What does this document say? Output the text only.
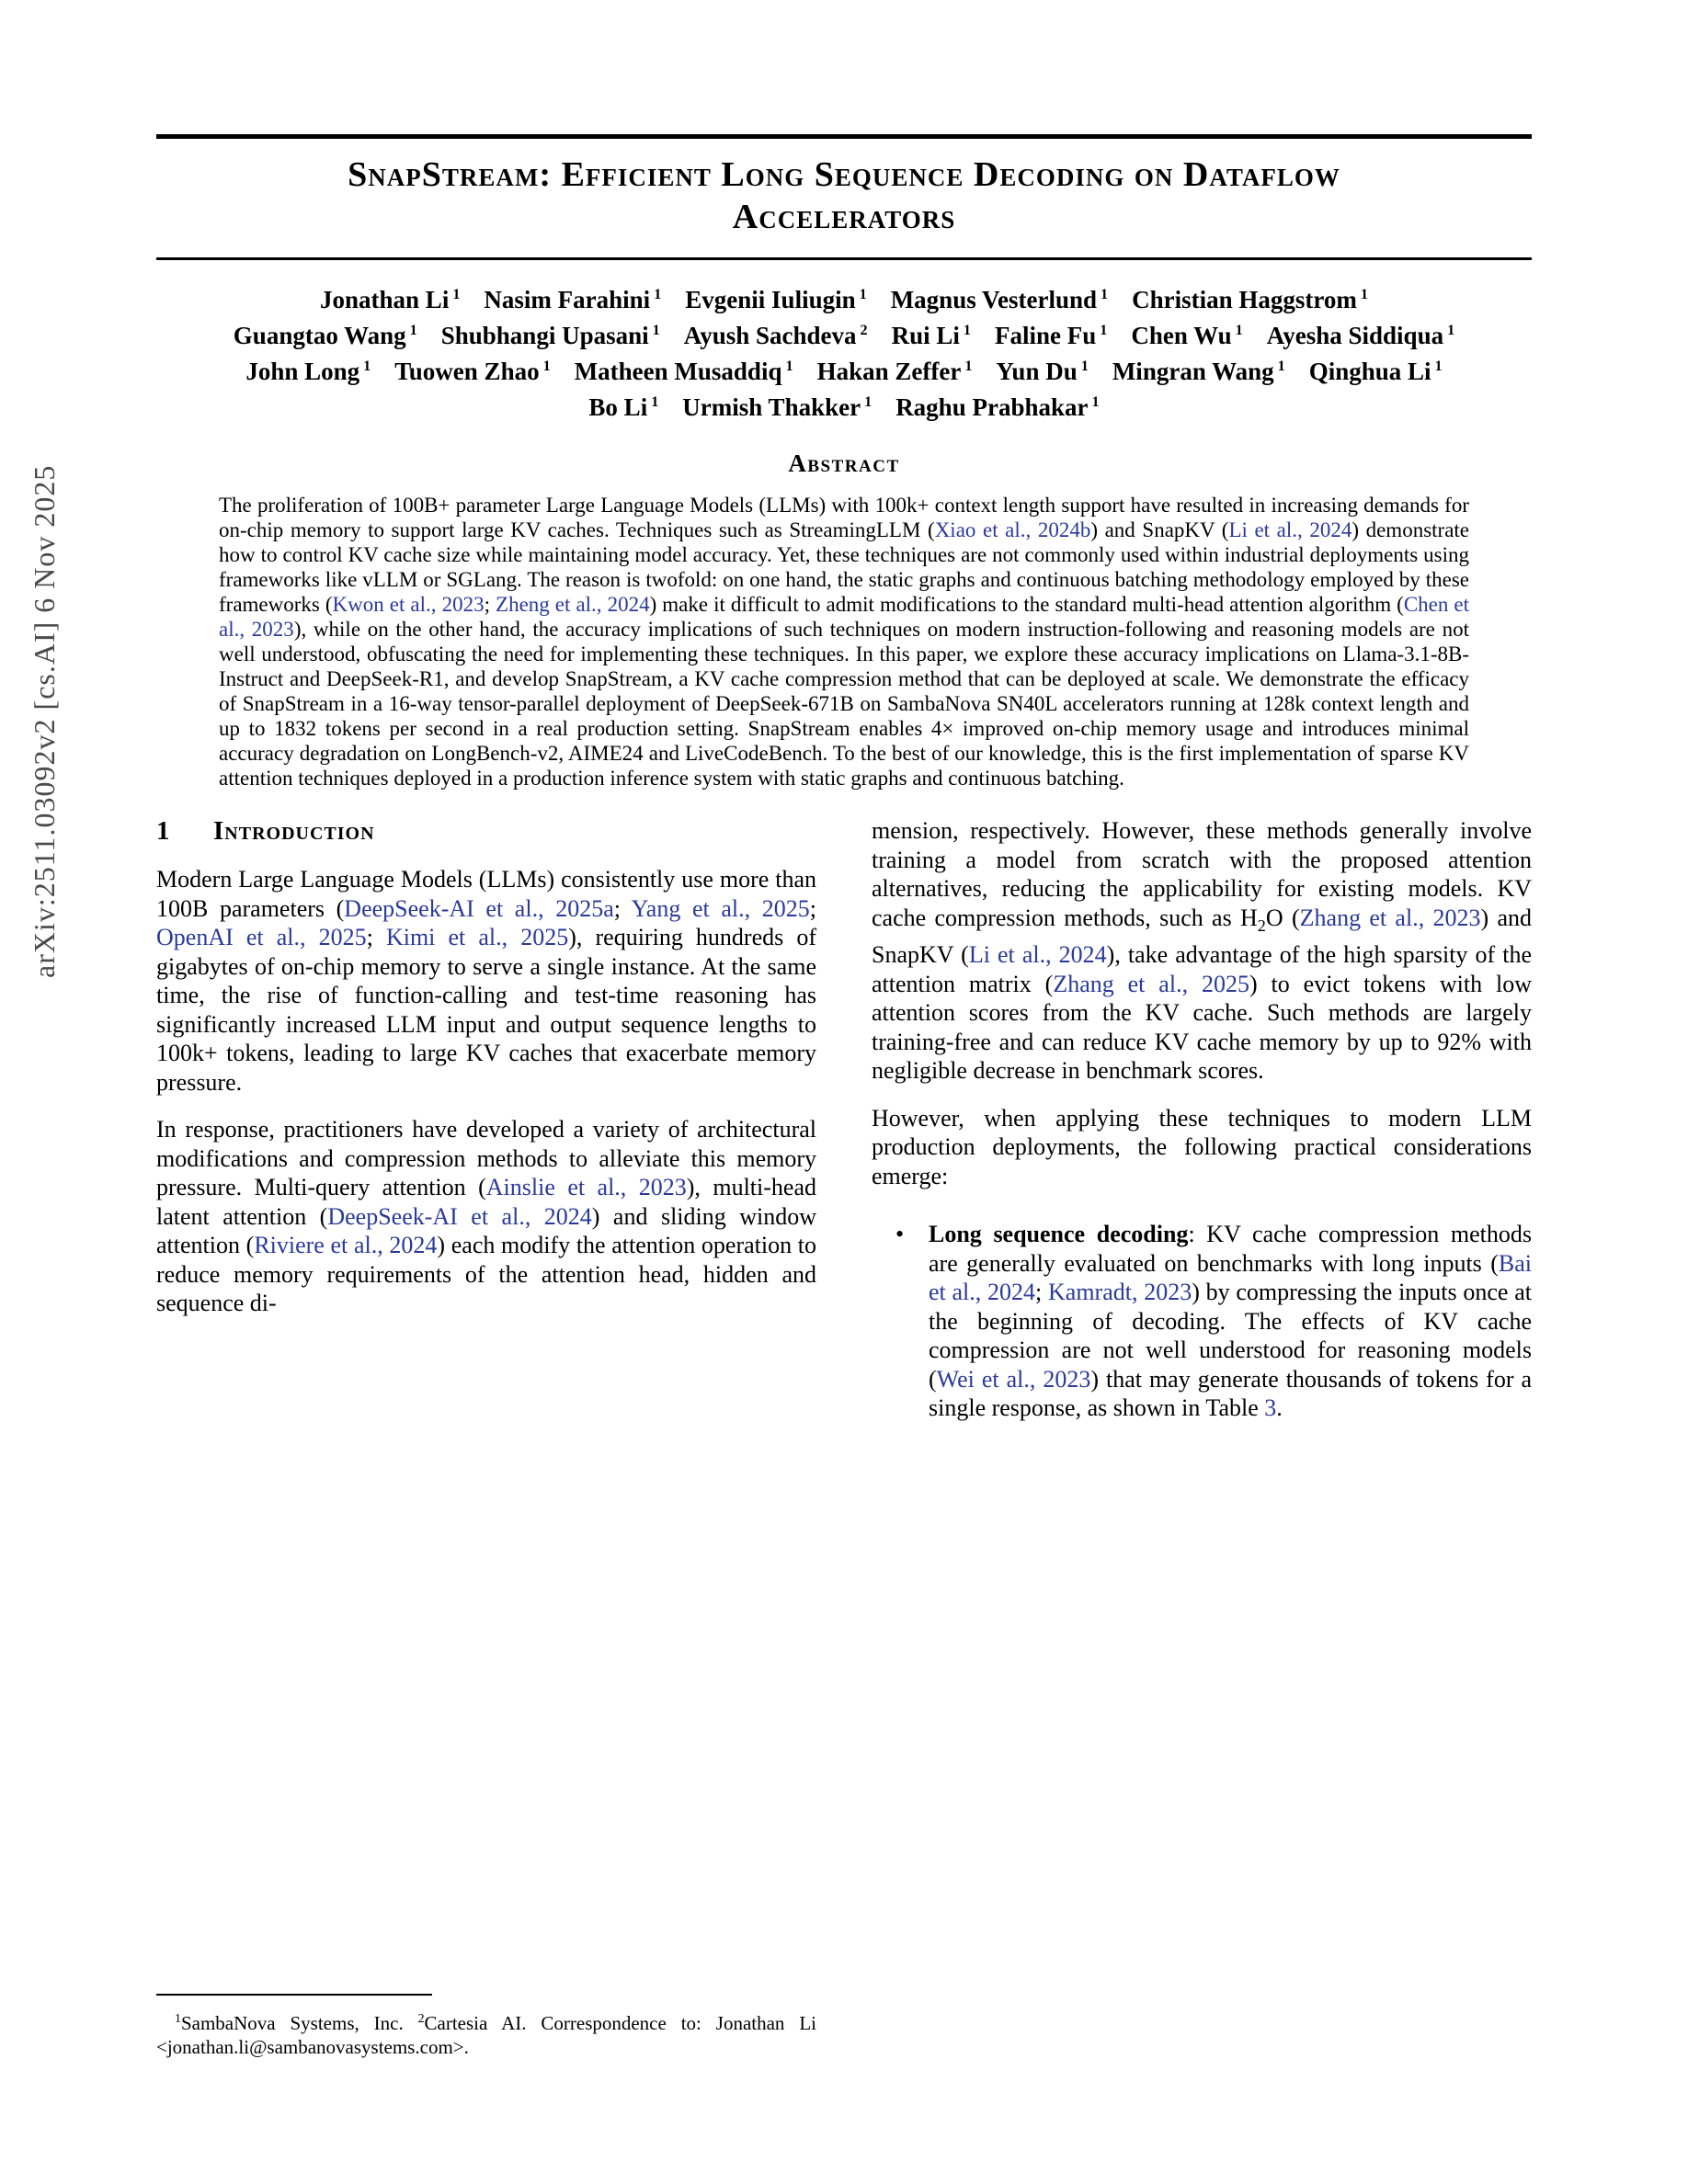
arXiv:2511.03092v2 [cs.AI] 6 Nov 2025
SnapStream: Efficient Long Sequence Decoding on Dataflow
Accelerators
Jonathan Li $^1$ Nasim Farahini $^1$ Evgenii Iuliugin $^1$ Magnus Vesterlund $^1$ Christian Haggstrom $^1$
Guangtao Wang $^1$ Shubhangi Upasani $^1$ Ayush Sachdeva $^2$ Rui Li $^1$ Faline Fu $^1$ Chen Wu $^1$ Ayesha Siddiqua $^1$
John Long $^1$ Tuowen Zhao $^1$ Matheen Musaddiq $^1$ Hakan Zeffer $^1$ Yun Du $^1$ Mingran Wang $^1$ Qinghua Li $^1$
Bo Li $^1$ Urmish Thakker $^1$ Raghu Prabhakar $^1$
Abstract

The proliferation of 100B+ parameter Large Language Models (LLMs) with 100k+ context length support have resulted in increasing demands for on-chip memory to support large KV caches. Techniques such as StreamingLLM (Xiao et al., 2024b) and SnapKV (Li et al., 2024) demonstrate how to control KV cache size while maintaining model accuracy. Yet, these techniques are not commonly used within industrial deployments using frameworks like vLLM or SGLang. The reason is twofold: on one hand, the static graphs and continuous batching methodology employed by these frameworks (Kwon et al., 2023; Zheng et al., 2024) make it difficult to admit modifications to the standard multi-head attention algorithm (Chen et al., 2023), while on the other hand, the accuracy implications of such techniques on modern instruction-following and reasoning models are not well understood, obfuscating the need for implementing these techniques. In this paper, we explore these accuracy implications on Llama-3.1-8B-Instruct and DeepSeek-R1, and develop SnapStream, a KV cache compression method that can be deployed at scale. We demonstrate the efficacy of SnapStream in a 16-way tensor-parallel deployment of DeepSeek-671B on SambaNova SN40L accelerators running at 128k context length and up to 1832 tokens per second in a real production setting. SnapStream enables 4× improved on-chip memory usage and introduces minimal accuracy degradation on LongBench-v2, AIME24 and LiveCodeBench. To the best of our knowledge, this is the first implementation of sparse KV attention techniques deployed in a production inference system with static graphs and continuous batching.

1 Introduction

Modern Large Language Models (LLMs) consistently use more than 100B parameters (DeepSeek-AI et al., 2025a; Yang et al., 2025; OpenAI et al., 2025; Kimi et al., 2025), requiring hundreds of gigabytes of on-chip memory to serve a single instance. At the same time, the rise of function-calling and test-time reasoning has significantly increased LLM input and output sequence lengths to 100k+ tokens, leading to large KV caches that exacerbate memory pressure.

In response, practitioners have developed a variety of architectural modifications and compression methods to alleviate this memory pressure. Multi-query attention (Ainslie et al., 2023), multi-head latent attention (DeepSeek-AI et al., 2024) and sliding window attention (Riviere et al., 2024) each modify the attention operation to reduce memory requirements of the attention head, hidden and sequence di-

$^1$SambaNova Systems, Inc. $^2$Cartesia AI. Correspondence to: Jonathan Li <jonathan.li@sambanovasystems.com>.

mension, respectively. However, these methods generally involve training a model from scratch with the proposed attention alternatives, reducing the applicability for existing models. KV cache compression methods, such as $H_2O$ (Zhang et al., 2023) and SnapKV (Li et al., 2024), take advantage of the high sparsity of the attention matrix (Zhang et al., 2025) to evict tokens with low attention scores from the KV cache. Such methods are largely training-free and can reduce KV cache memory by up to 92% with negligible decrease in benchmark scores.

However, when applying these techniques to modern LLM production deployments, the following practical considerations emerge:

•	Long sequence decoding: KV cache compression methods are generally evaluated on benchmarks with long inputs (Bai et al., 2024; Kamradt, 2023) by compressing the inputs once at the beginning of decoding. The effects of KV cache compression are not well understood for reasoning models (Wei et al., 2023) that may generate thousands of tokens for a single response, as shown in Table 3.
